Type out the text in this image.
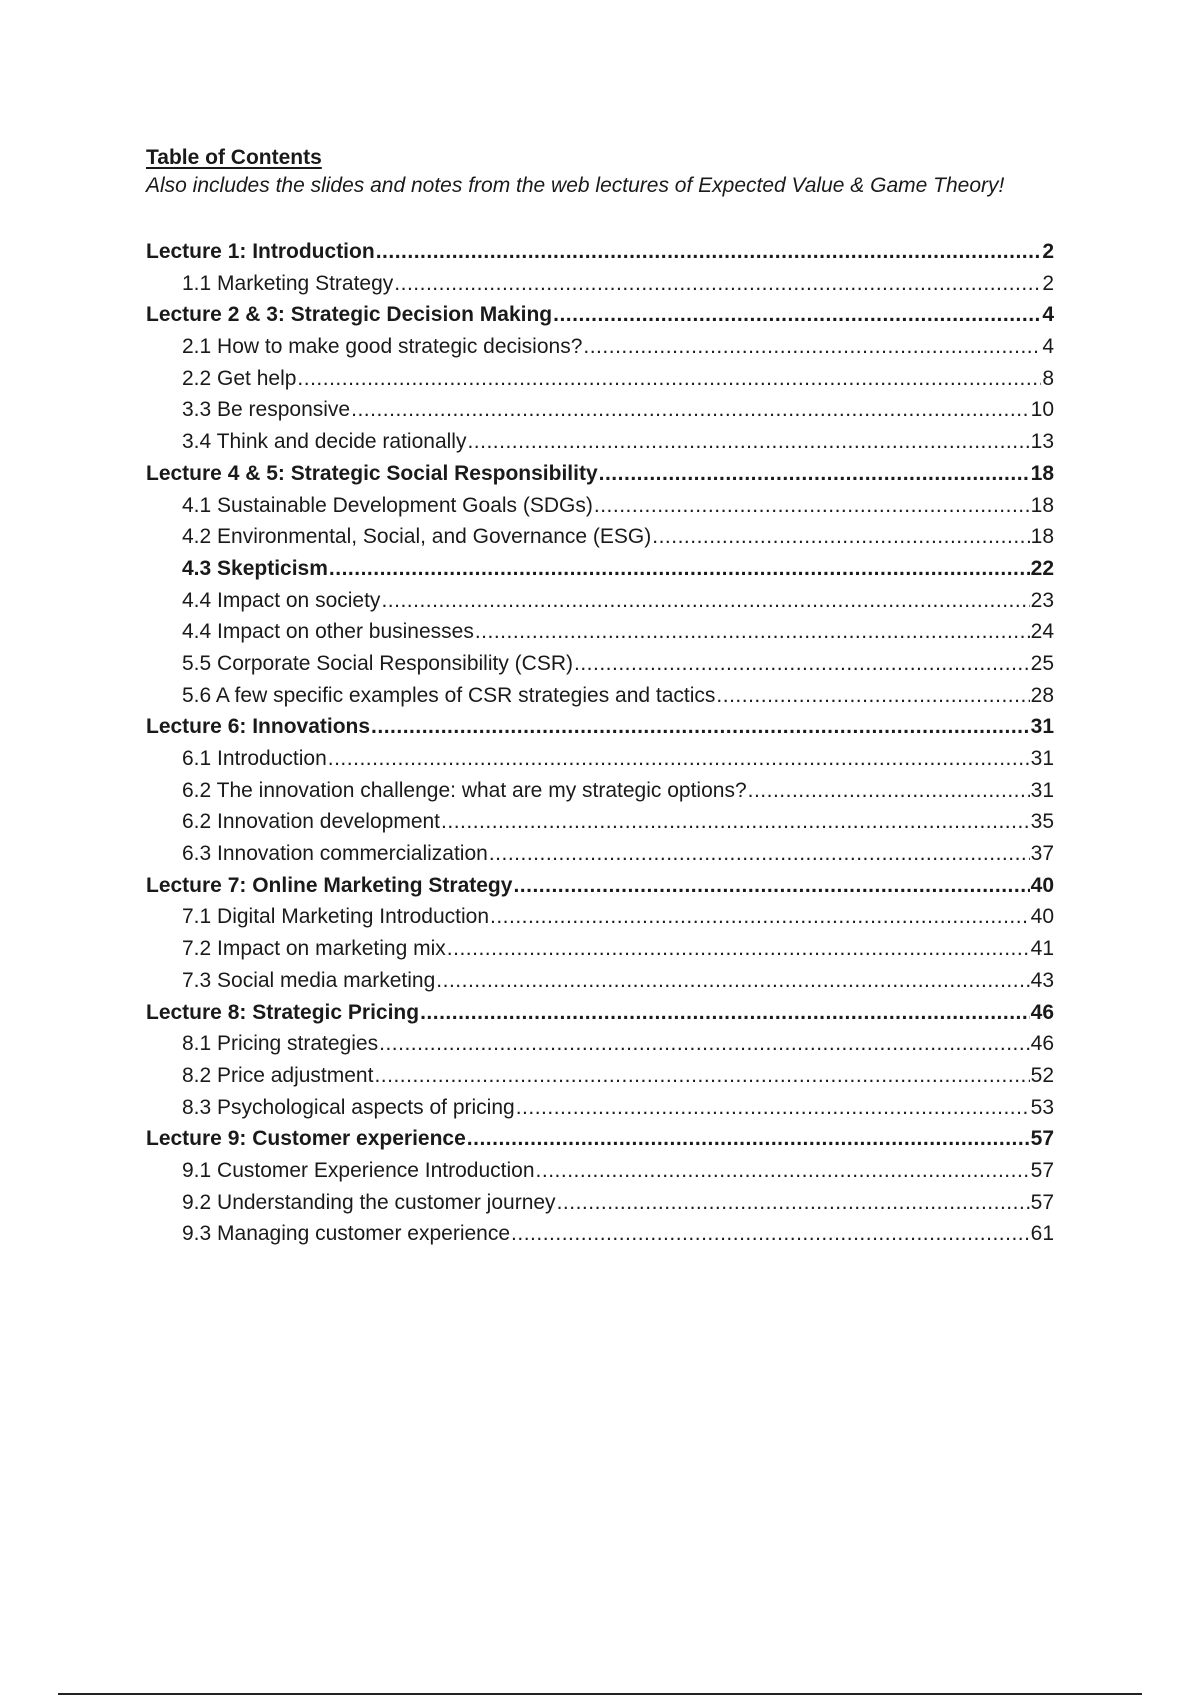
Table of Contents

Also includes the slides and notes from the web lectures of Expected Value & Game Theory!

Lecture 1: Introduction .....	2
1.1 Marketing Strategy .....	2
Lecture 2 & 3: Strategic Decision Making .....	4
2.1 How to make good strategic decisions? .....	4
2.2 Get help .....	8
3.3 Be responsive .....	10
3.4 Think and decide rationally .....	13
Lecture 4 & 5: Strategic Social Responsibility .....	18
4.1 Sustainable Development Goals (SDGs) .....	18
4.2 Environmental, Social, and Governance (ESG) .....	18
4.3 Skepticism .....	22
4.4 Impact on society .....	23
4.4 Impact on other businesses .....	24
5.5 Corporate Social Responsibility (CSR) .....	25
5.6 A few specific examples of CSR strategies and tactics .....	28
Lecture 6: Innovations .....	31
6.1 Introduction .....	31
6.2 The innovation challenge: what are my strategic options? .....	31
6.2 Innovation development .....	35
6.3 Innovation commercialization .....	37
Lecture 7: Online Marketing Strategy .....	40
7.1 Digital Marketing Introduction .....	40
7.2 Impact on marketing mix .....	41
7.3 Social media marketing .....	43
Lecture 8: Strategic Pricing .....	46
8.1 Pricing strategies .....	46
8.2 Price adjustment .....	52
8.3 Psychological aspects of pricing .....	53
Lecture 9: Customer experience .....	57
9.1 Customer Experience Introduction .....	57
9.2 Understanding the customer journey .....	57
9.3 Managing customer experience .....	61
